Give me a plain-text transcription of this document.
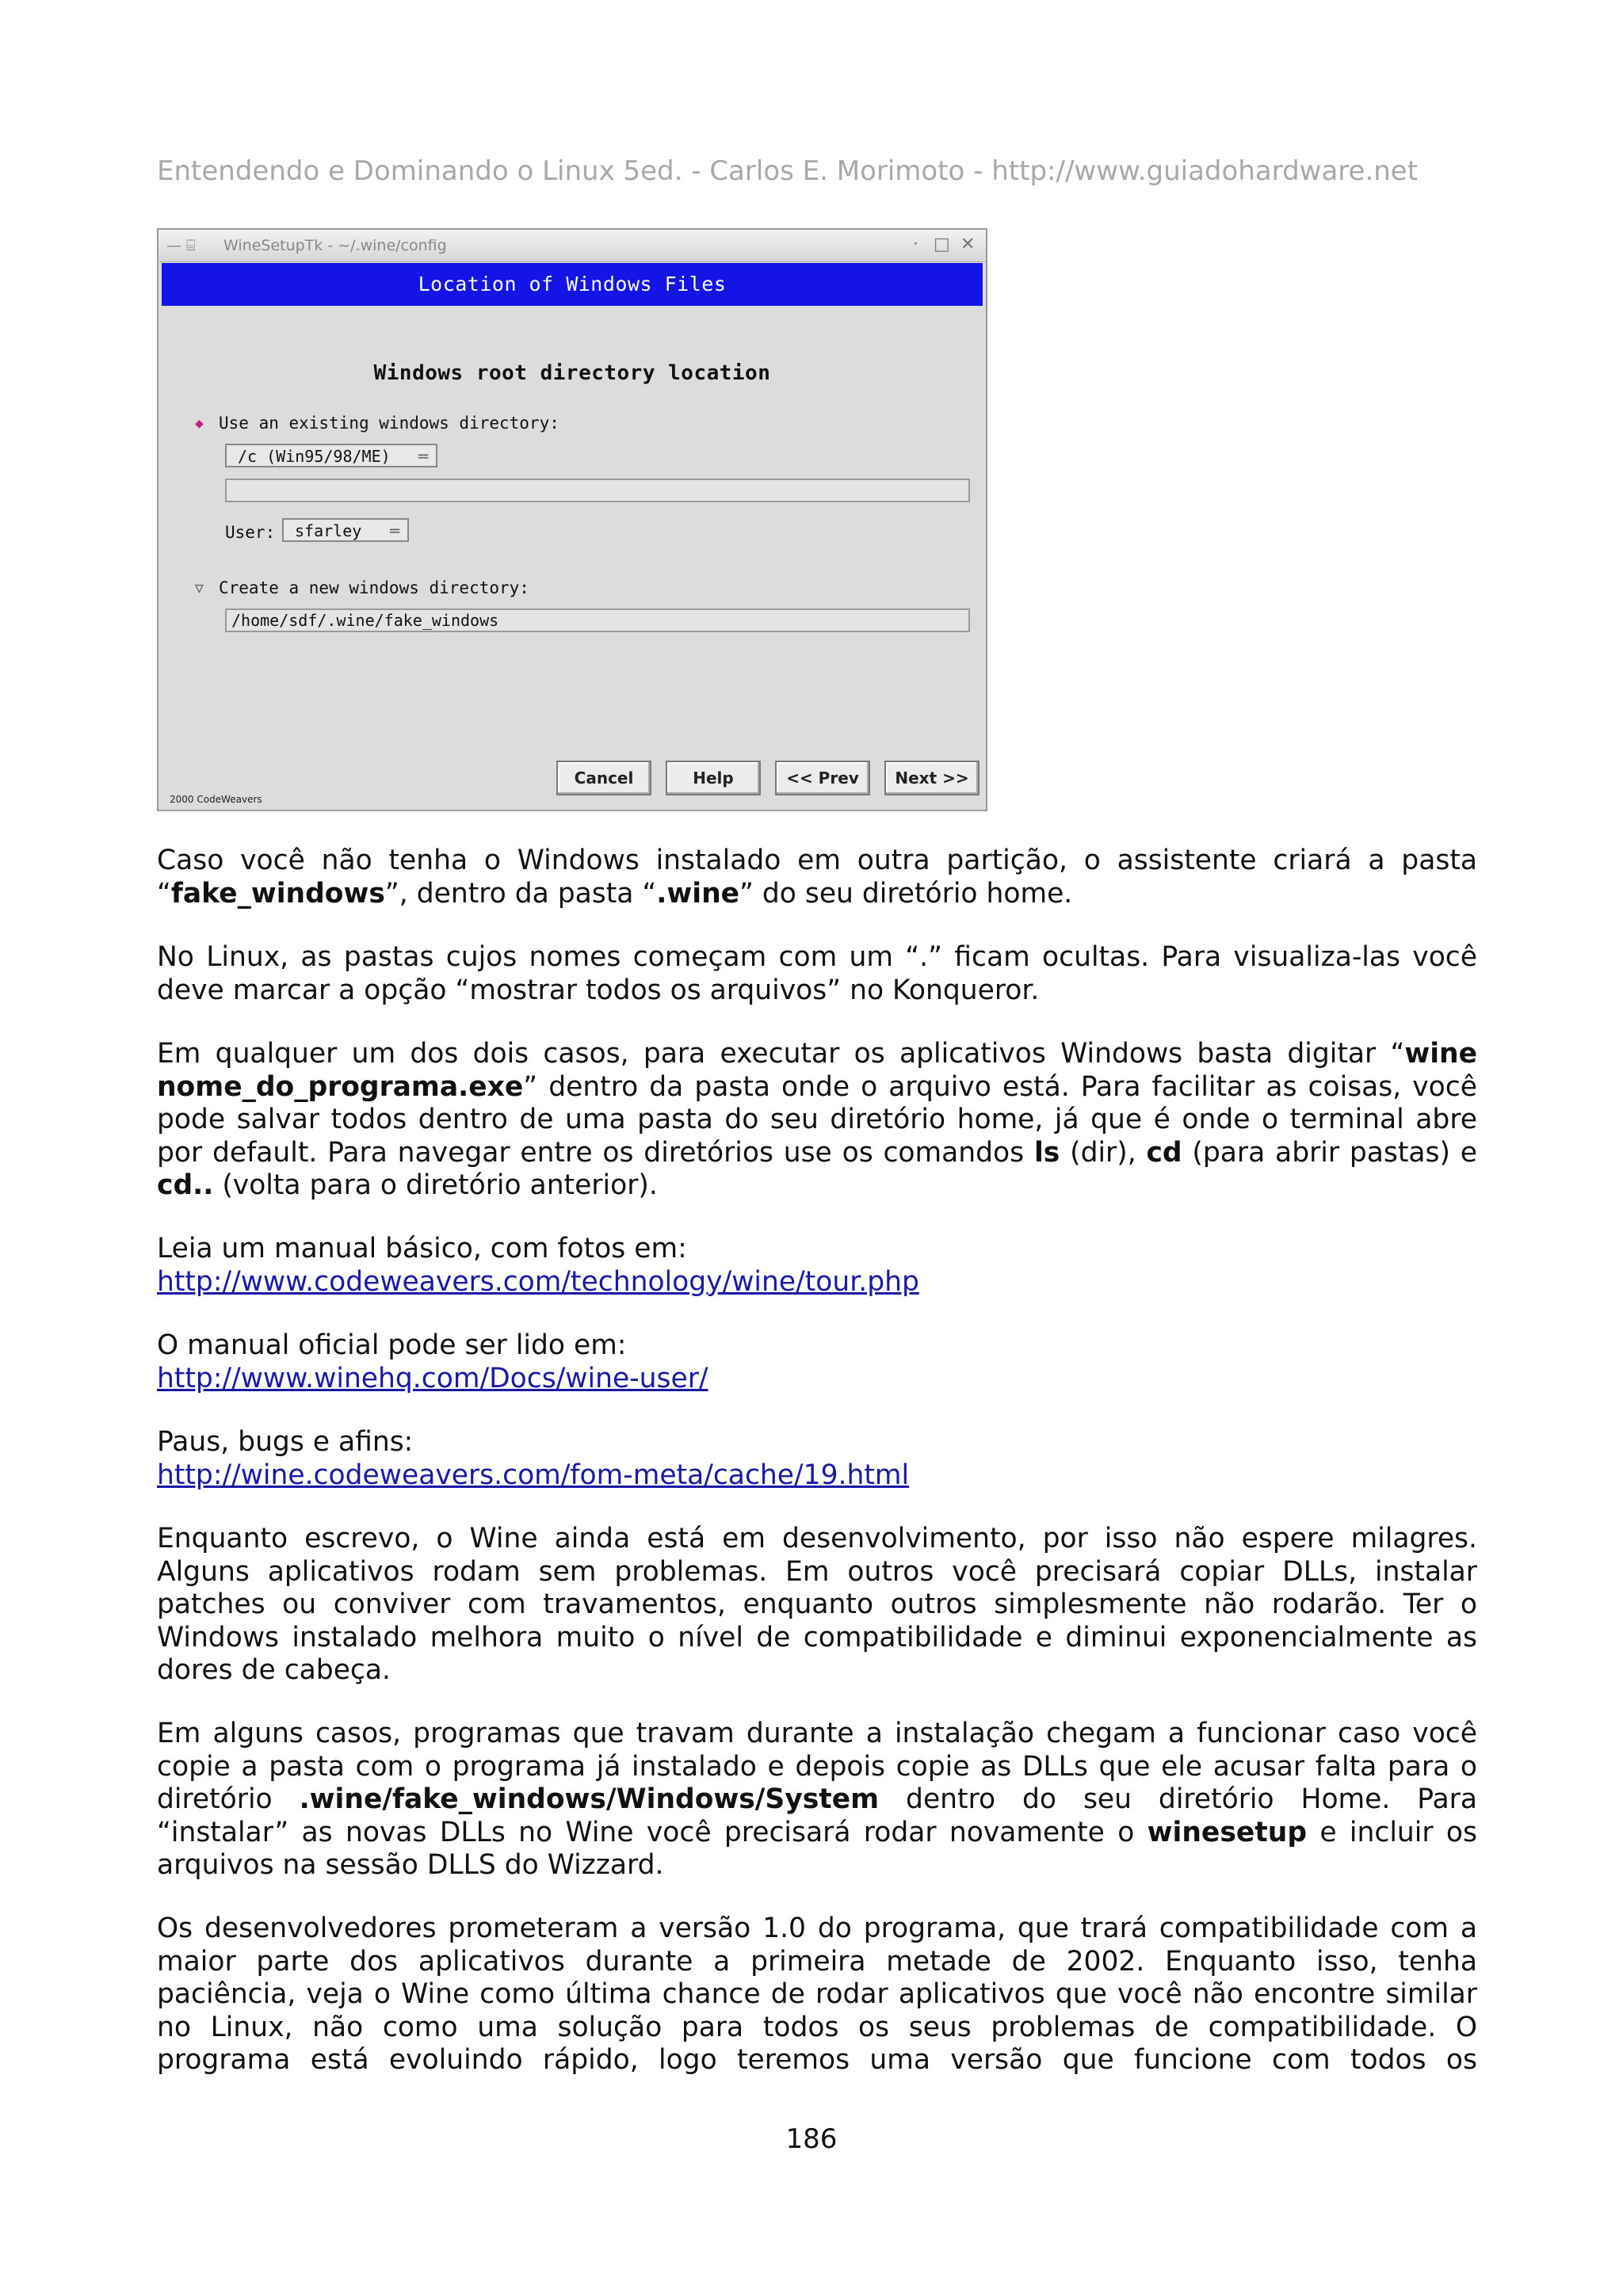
Entendendo e Dominando o Linux 5ed. - Carlos E. Morimoto - http://www.guiadohardware.net
— ⌸ WineSetupTk - ~/.wine/config	· □ ✕
Location of Windows Files
Windows root directory location
◆ Use an existing windows directory:
/c (Win95/98/ME) ═
User:	sfarley ═
▽ Create a new windows directory:
/home/sdf/.wine/fake_windows
Cancel	Help	<< Prev	Next >>
2000 CodeWeavers

Caso você não tenha o Windows instalado em outra partição, o assistente criará a pasta “fake_windows”, dentro da pasta “.wine” do seu diretório home.

No Linux, as pastas cujos nomes começam com um “.” ficam ocultas. Para visualiza-las você deve marcar a opção “mostrar todos os arquivos” no Konqueror.

Em qualquer um dos dois casos, para executar os aplicativos Windows basta digitar “wine nome_do_programa.exe” dentro da pasta onde o arquivo está. Para facilitar as coisas, você pode salvar todos dentro de uma pasta do seu diretório home, já que é onde o terminal abre por default. Para navegar entre os diretórios use os comandos ls (dir), cd (para abrir pastas) e cd.. (volta para o diretório anterior).

Leia um manual básico, com fotos em:
http://www.codeweavers.com/technology/wine/tour.php

O manual oficial pode ser lido em:
http://www.winehq.com/Docs/wine-user/

Paus, bugs e afins:
http://wine.codeweavers.com/fom-meta/cache/19.html

Enquanto escrevo, o Wine ainda está em desenvolvimento, por isso não espere milagres. Alguns aplicativos rodam sem problemas. Em outros você precisará copiar DLLs, instalar patches ou conviver com travamentos, enquanto outros simplesmente não rodarão. Ter o Windows instalado melhora muito o nível de compatibilidade e diminui exponencialmente as dores de cabeça.

Em alguns casos, programas que travam durante a instalação chegam a funcionar caso você copie a pasta com o programa já instalado e depois copie as DLLs que ele acusar falta para o diretório .wine/fake_windows/Windows/System dentro do seu diretório Home. Para “instalar” as novas DLLs no Wine você precisará rodar novamente o winesetup e incluir os arquivos na sessão DLLS do Wizzard.

Os desenvolvedores prometeram a versão 1.0 do programa, que trará compatibilidade com a maior parte dos aplicativos durante a primeira metade de 2002. Enquanto isso, tenha paciência, veja o Wine como última chance de rodar aplicativos que você não encontre similar no Linux, não como uma solução para todos os seus problemas de compatibilidade. O programa está evoluindo rápido, logo teremos uma versão que funcione com todos os

186
